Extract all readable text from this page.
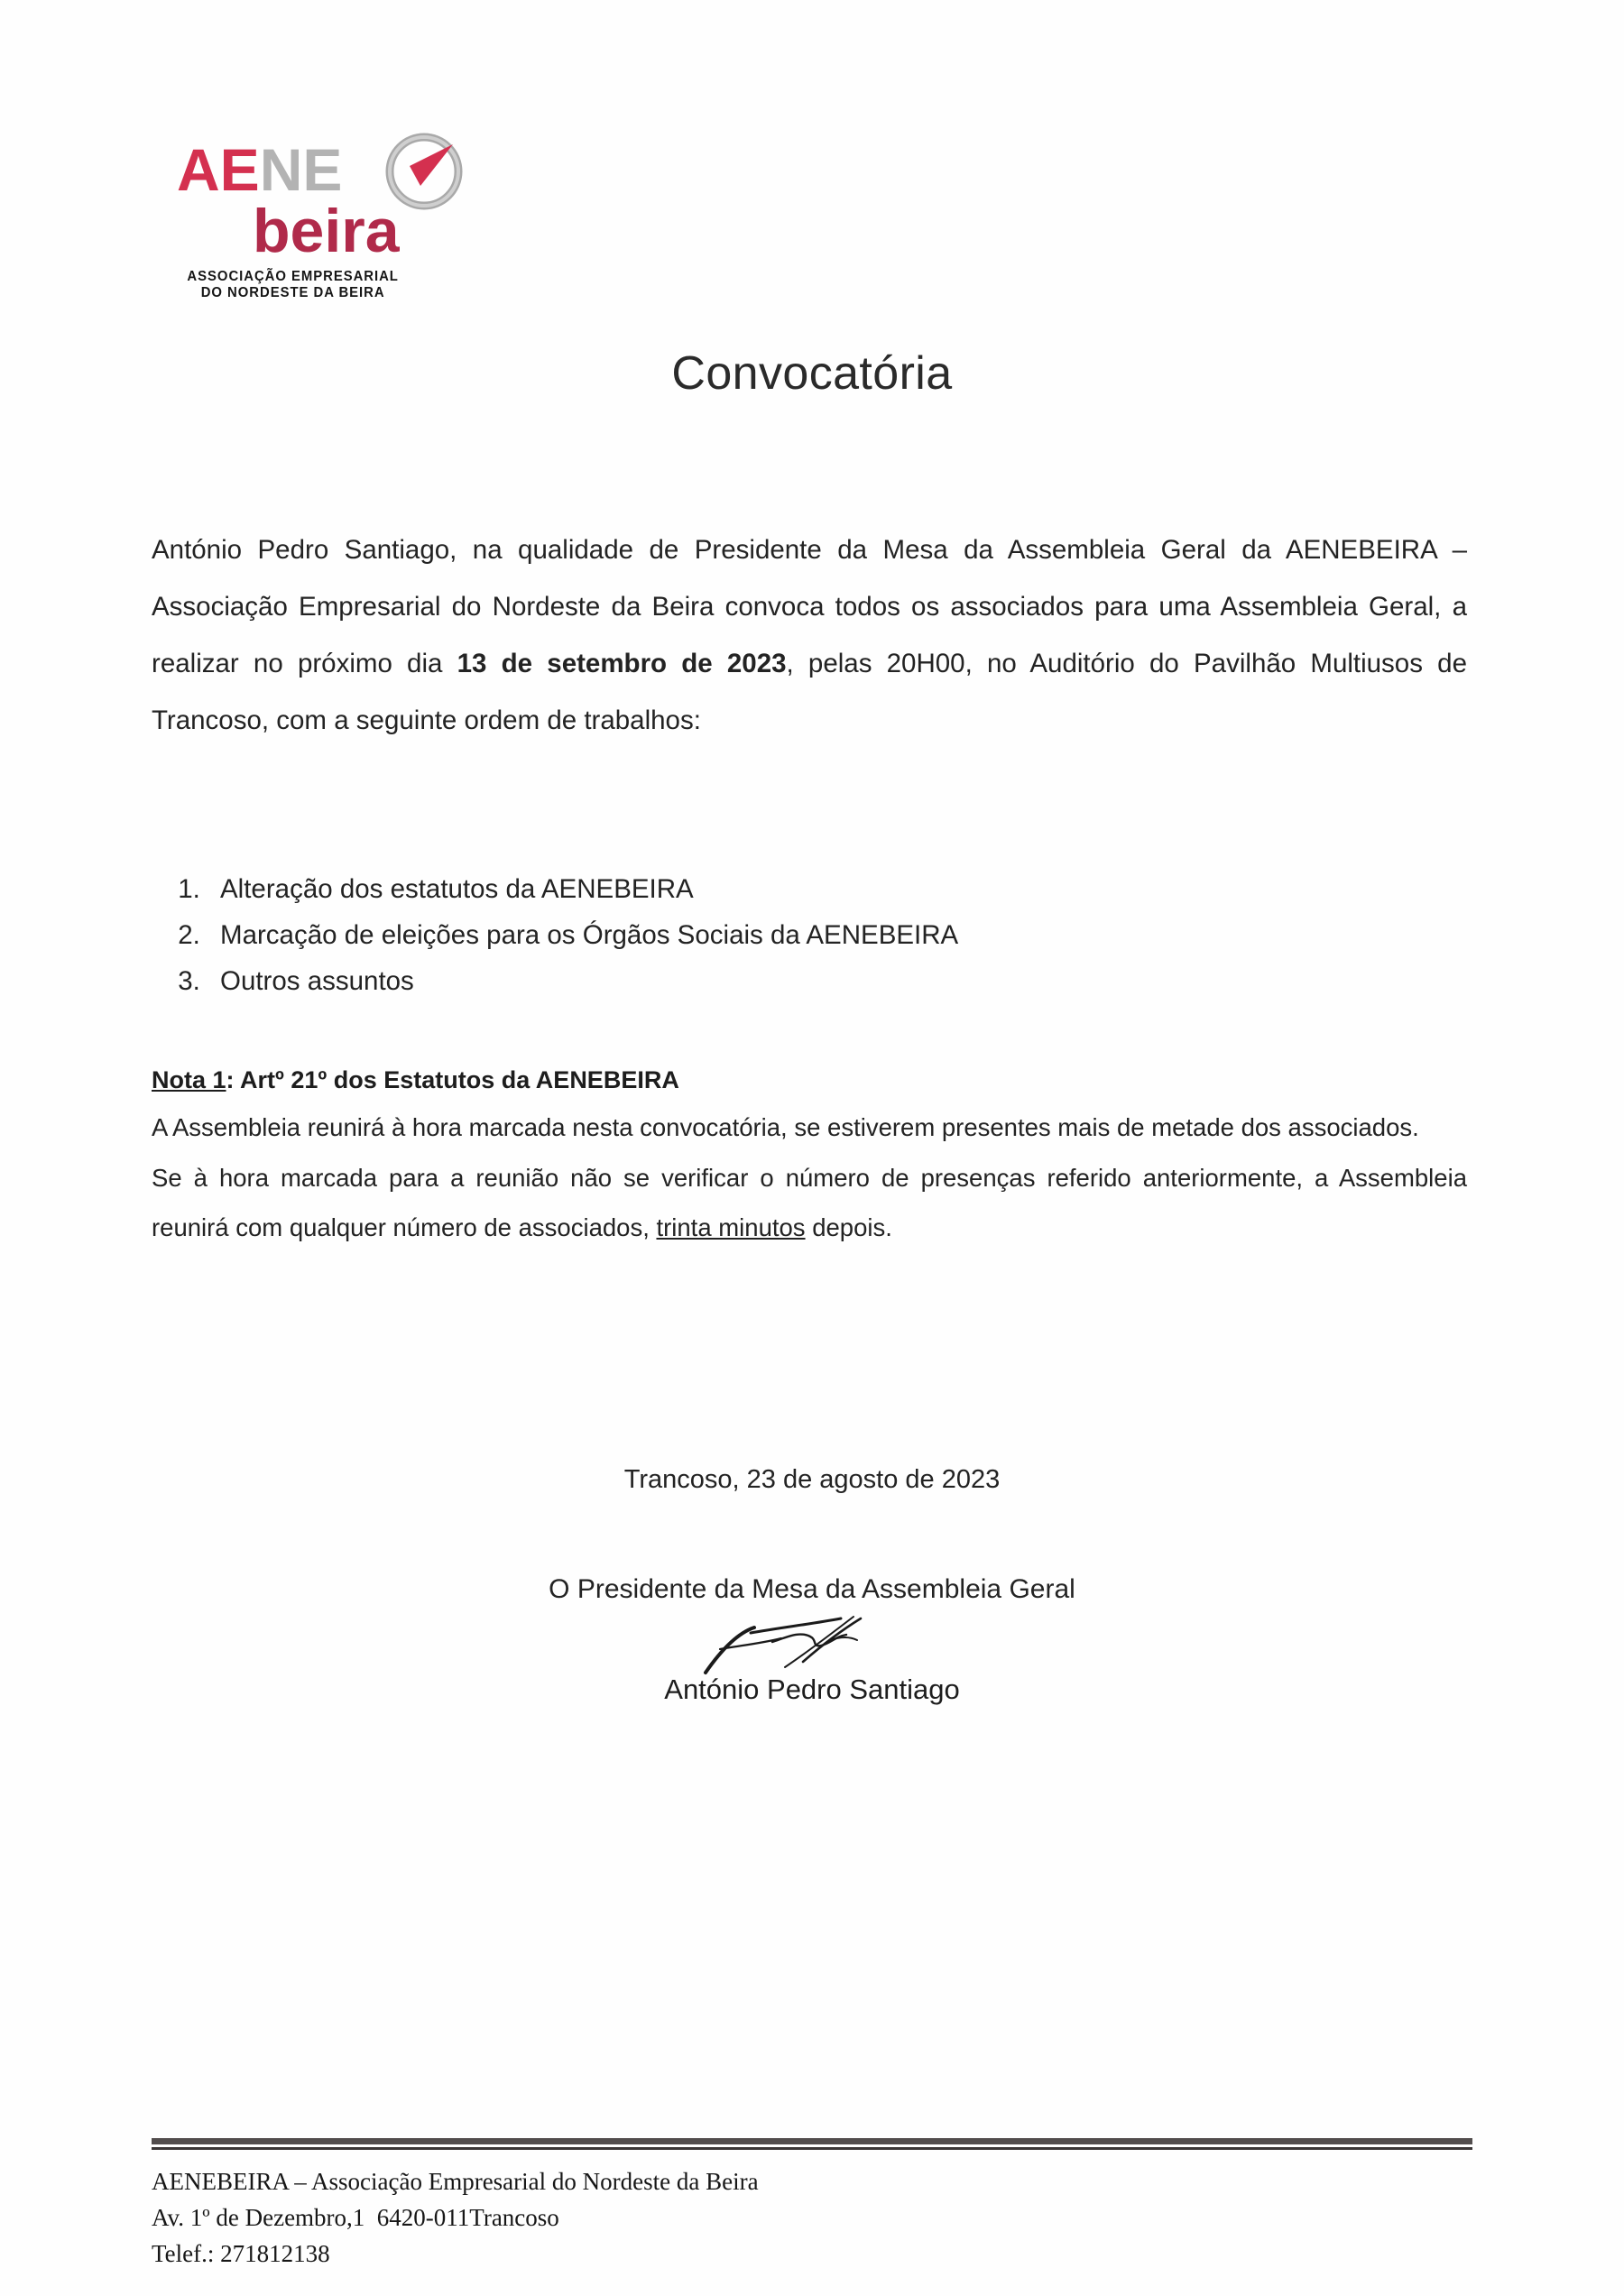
AENE
beira
ASSOCIAÇÃO EMPRESARIAL
DO NORDESTE DA BEIRA
Convocatória

António Pedro Santiago, na qualidade de Presidente da Mesa da Assembleia Geral da AENEBEIRA – Associação Empresarial do Nordeste da Beira convoca todos os associados para uma Assembleia Geral, a realizar no próximo dia 13 de setembro de 2023, pelas 20H00, no Auditório do Pavilhão Multiusos de Trancoso, com a seguinte ordem de trabalhos:

1. Alteração dos estatutos da AENEBEIRA
2. Marcação de eleições para os Órgãos Sociais da AENEBEIRA
3. Outros assuntos

Nota 1: Artº 21º dos Estatutos da AENEBEIRA

A Assembleia reunirá à hora marcada nesta convocatória, se estiverem presentes mais de metade dos associados.

Se à hora marcada para a reunião não se verificar o número de presenças referido anteriormente, a Assembleia reunirá com qualquer número de associados, trinta minutos depois.

Trancoso, 23 de agosto de 2023
O Presidente da Mesa da Assembleia Geral
António Pedro Santiago
AENEBEIRA – Associação Empresarial do Nordeste da Beira
Av. 1º de Dezembro,1  6420-011Trancoso
Telef.: 271812138
